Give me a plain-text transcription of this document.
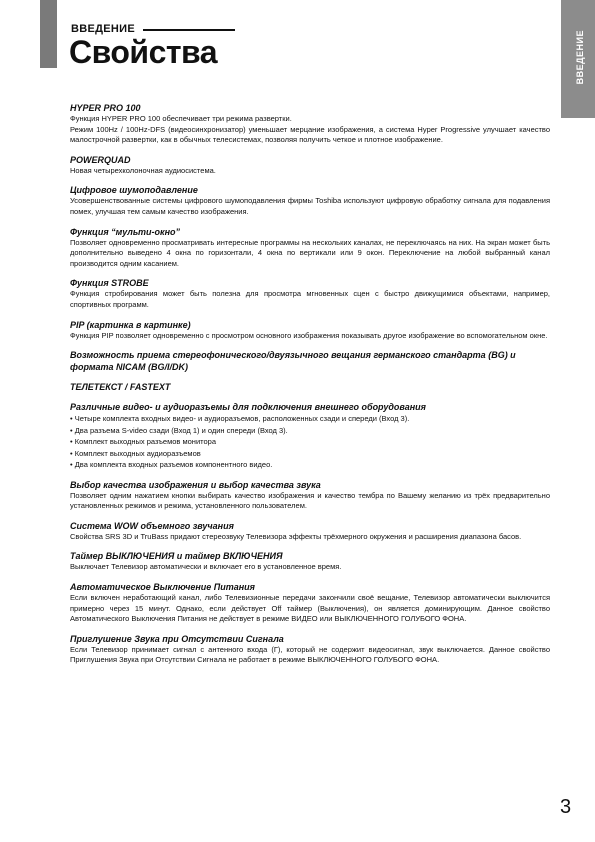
ВВЕДЕНИЕ
ВВЕДЕНИЕ
Свойства
HYPER PRO 100
Функция HYPER PRO 100 обеспечивает три режима развертки.
Режим 100Hz / 100Hz-DFS (видеосинхронизатор) уменьшает мерцание изображения, а система Hyper Progressive улучшает качество малострочной развертки, как в обычных телесистемах, позволяя получить четкое и плотное изображение.
POWERQUAD
Новая четырехколоночная аудиосистема.
Цифровое шумоподавление
Усовершенствованные системы цифрового шумоподавления фирмы Toshiba используют цифровую обработку сигнала для подавления помех, улучшая тем самым качество изображения.
Функция “мульти-окно”
Позволяет одновременно просматривать интересные программы на нескольких каналах, не переключаясь на них. На экран может быть дополнительно выведено 4 окна по горизонтали, 4 окна по вертикали или 9 окон. Переключение на любой выбранный канал производится одним касанием.
Функция STROBE
Функция стробирования может быть полезна для просмотра мгновенных сцен с быстро движущимися объектами, например, спортивных программ.
PIP (картинка в картинке)
Функция PIP позволяет одновременно с просмотром основного изображения показывать другое изображение во вспомогательном окне.
Возможность приема стереофонического/двуязычного вещания германского стандарта (BG) и формата NICAM (BG/I/DK)
ТЕЛЕТЕКСТ / FASTEXT
Различные видео- и аудиоразъемы для подключения внешнего оборудования
• Четыре комплекта входных видео- и аудиоразъемов, расположенных сзади и спереди (Вход 3).
• Два разъема S-video сзади (Вход 1) и один спереди (Вход 3).
• Комплект выходных разъемов монитора
• Комплект выходных аудиоразъемов
• Два комплекта входных разъемов компонентного видео.
Выбор качества изображения и выбор качества звука
Позволяет одним нажатием кнопки выбирать качество изображения и качество тембра по Вашему желанию из трёх предварительно установленных режимов и режима, установленного пользователем.
Система WOW объемного звучания
Свойства SRS 3D и TruBass придают стереозвуку Телевизора эффекты трёхмерного окружения и расширения диапазона басов.
Таймер ВЫКЛЮЧЕНИЯ и таймер ВКЛЮЧЕНИЯ
Выключает Телевизор автоматически и включает его в установленное время.
Автоматическое Выключение Питания
Если включен неработающий канал, либо Телевизионные передачи закончили своё вещание, Телевизор автоматически выключится примерно через 15 минут. Однако, если действует Off таймер (Выключения), он является доминирующим. Данное свойство Автоматического Выключения Питания не действует в режиме ВИДЕО или ВЫКЛЮЧЕННОГО ГОЛУБОГО ФОНА.
Приглушение Звука при Отсутствии Сигнала
Если Телевизор принимает сигнал с антенного входа (Г), который не содержит видеосигнал, звук выключается. Данное свойство Приглушения Звука при Отсутствии Сигнала не работает в режиме ВЫКЛЮЧЕННОГО ГОЛУБОГО ФОНА.
3
